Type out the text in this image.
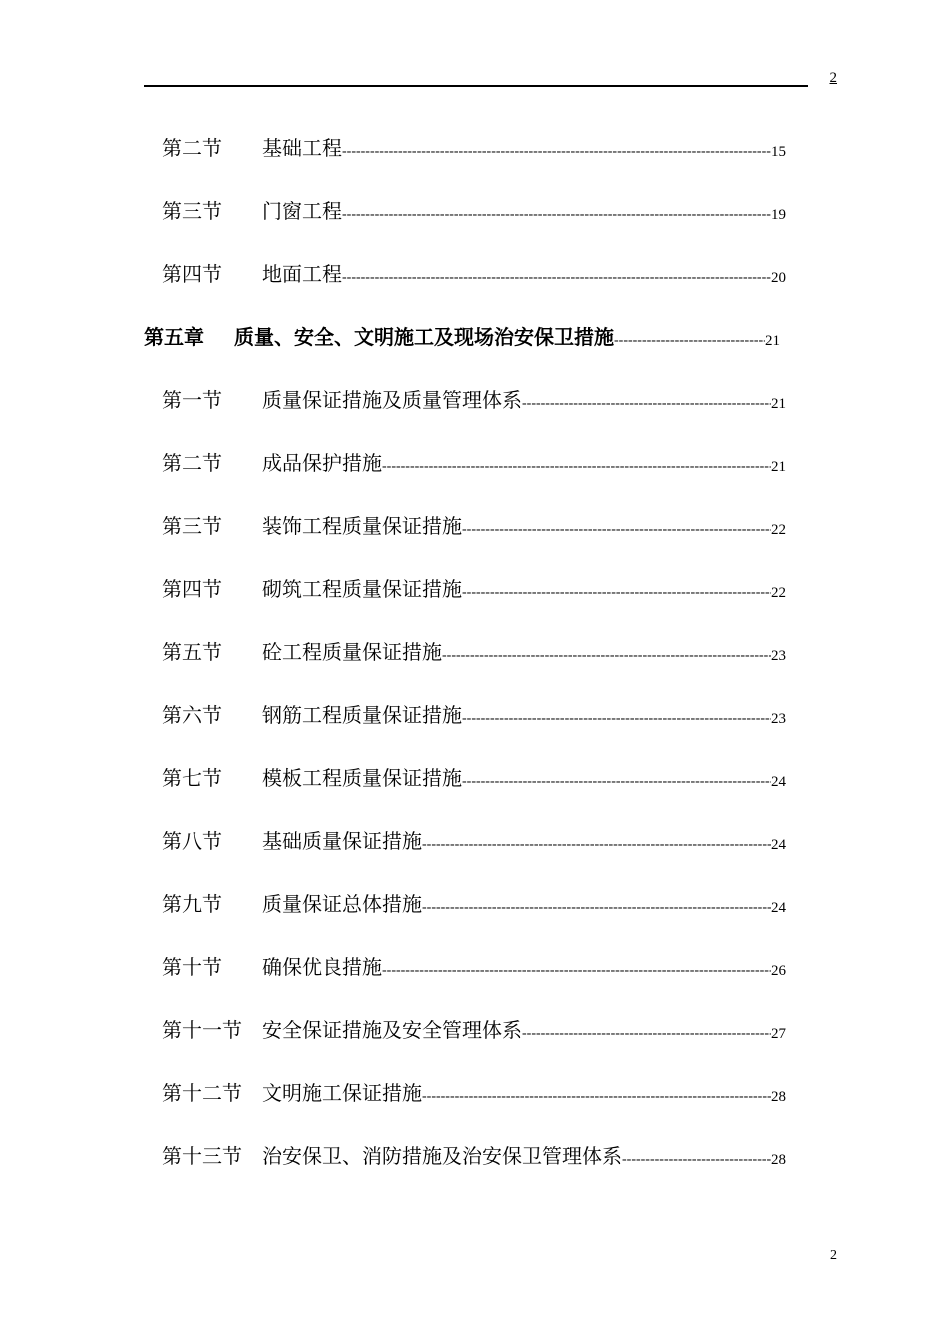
2
第二节	基础工程 -----	15
第三节	门窗工程 -----	19
第四节	地面工程 -----	20
第五章	质量、安全、文明施工及现场治安保卫措施 -----	21
第一节	质量保证措施及质量管理体系 -----	21
第二节	成品保护措施 -----	21
第三节	装饰工程质量保证措施 -----	22
第四节	砌筑工程质量保证措施 -----	22
第五节	砼工程质量保证措施 -----	23
第六节	钢筋工程质量保证措施 -----	23
第七节	模板工程质量保证措施 -----	24
第八节	基础质量保证措施 -----	24
第九节	质量保证总体措施 -----	24
第十节	确保优良措施 -----	26
第十一节	安全保证措施及安全管理体系 -----	27
第十二节	文明施工保证措施 -----	28
第十三节	治安保卫、消防措施及治安保卫管理体系 -----	28
2
